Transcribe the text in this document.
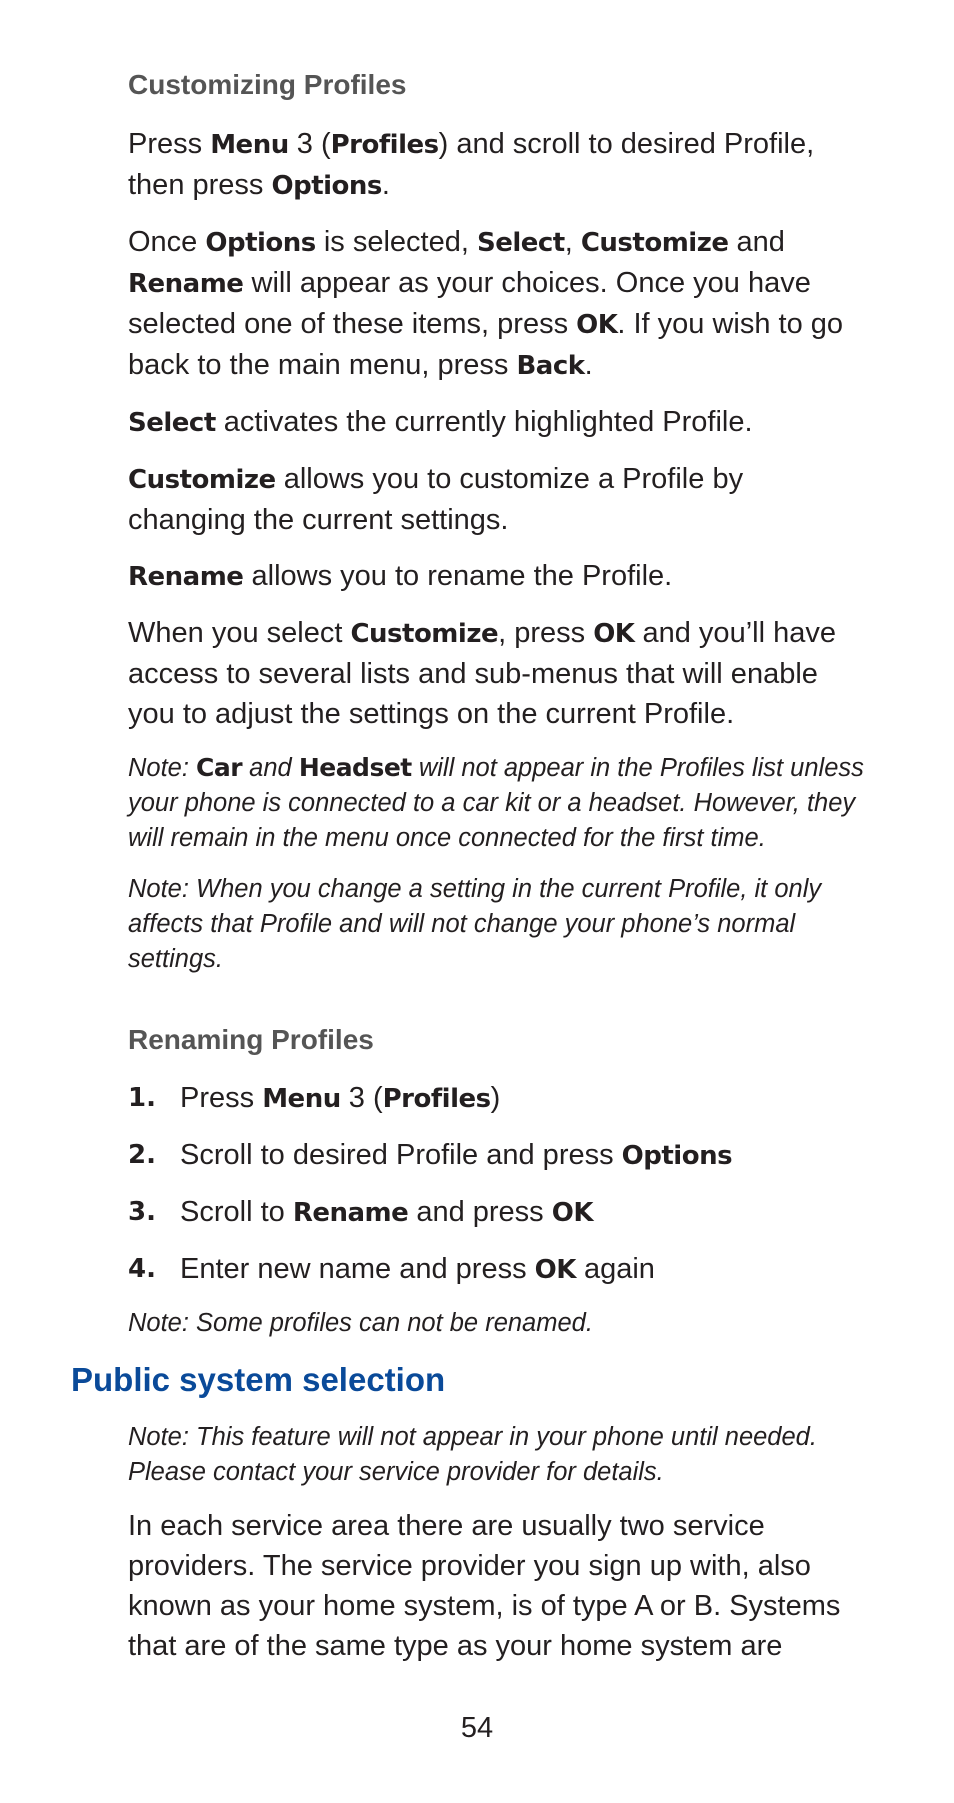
Customizing Profiles

Press Menu 3 (Profiles) and scroll to desired Profile, then press Options.

Once Options is selected, Select, Customize and Rename will appear as your choices. Once you have selected one of these items, press OK. If you wish to go back to the main menu, press Back.

Select activates the currently highlighted Profile.

Customize allows you to customize a Profile by changing the current settings.

Rename allows you to rename the Profile.

When you select Customize, press OK and you’ll have access to several lists and sub-menus that will enable you to adjust the settings on the current Profile.

Note: Car and Headset will not appear in the Profiles list unless your phone is connected to a car kit or a headset. However, they will remain in the menu once connected for the first time.

Note: When you change a setting in the current Profile, it only affects that Profile and will not change your phone’s normal settings.

Renaming Profiles
1. Press Menu 3 (Profiles)
2. Scroll to desired Profile and press Options
3. Scroll to Rename and press OK
4. Enter new name and press OK again

Note: Some profiles can not be renamed.

Public system selection

Note: This feature will not appear in your phone until needed. Please contact your service provider for details.

In each service area there are usually two service providers. The service provider you sign up with, also known as your home system, is of type A or B. Systems that are of the same type as your home system are

54
